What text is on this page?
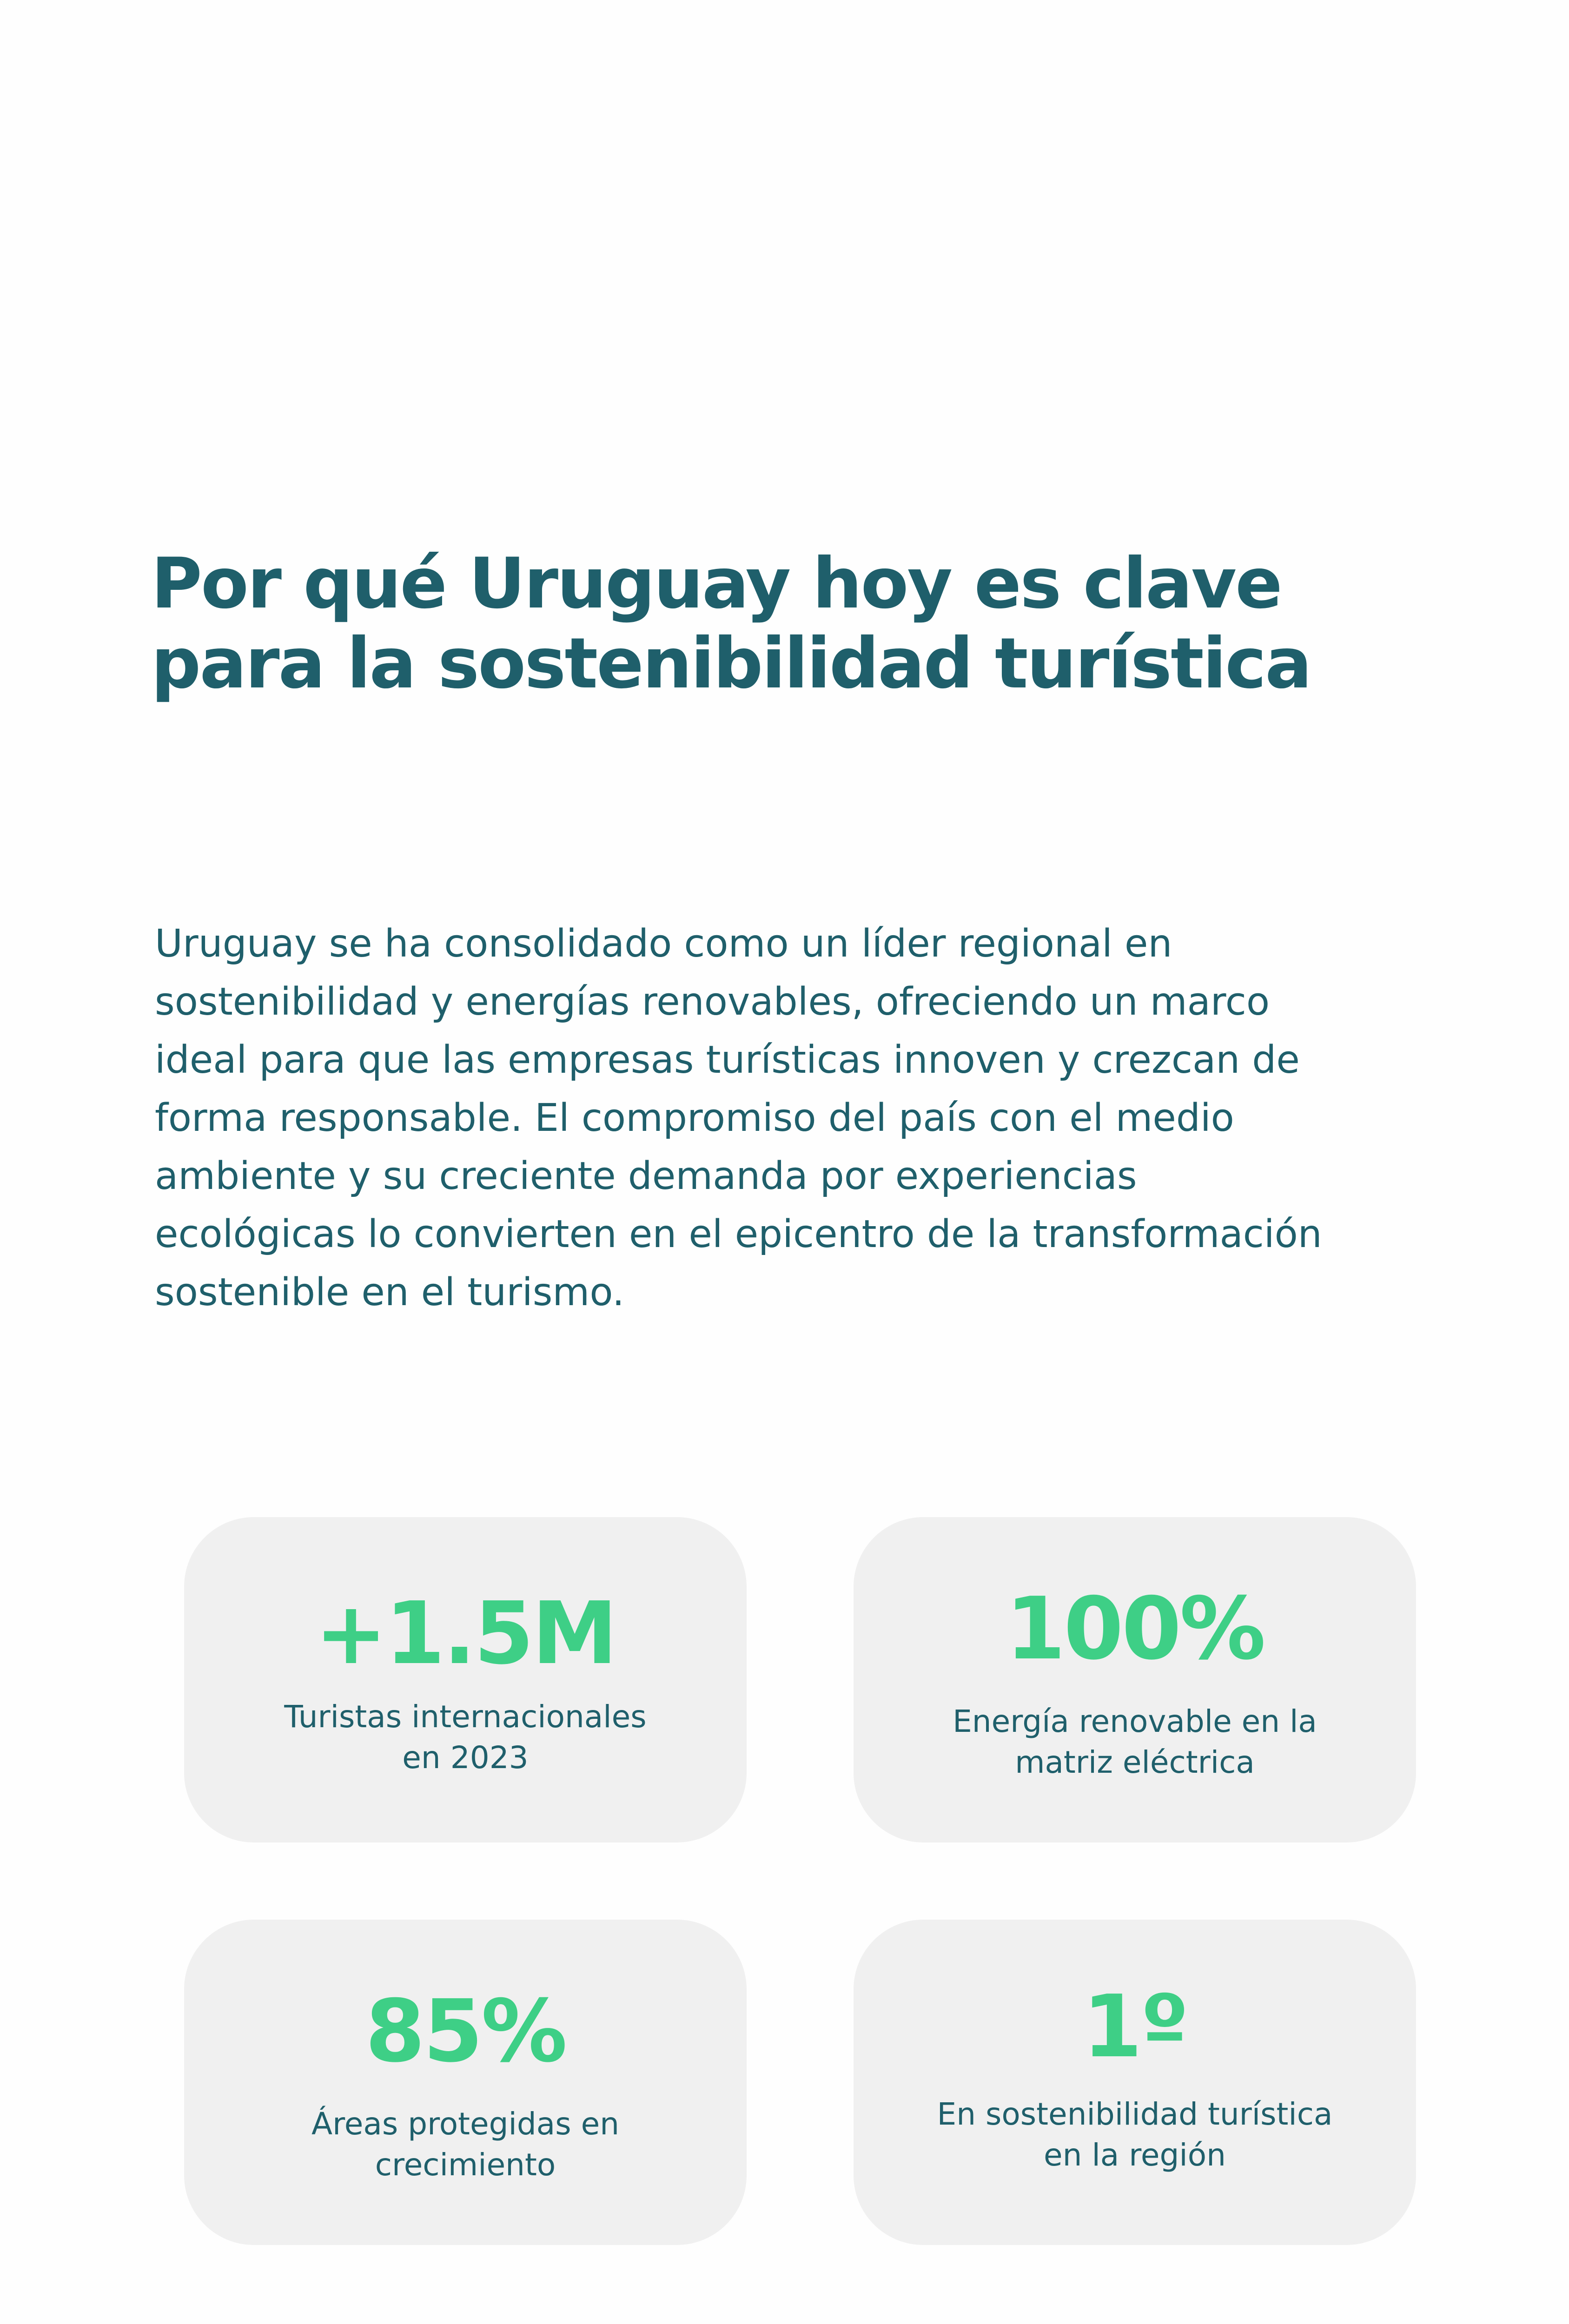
Por qué Uruguay hoy es clave
para la sostenibilidad turística

Uruguay se ha consolidado como un líder regional en
sostenibilidad y energías renovables, ofreciendo un marco
ideal para que las empresas turísticas innoven y crezcan de
forma responsable. El compromiso del país con el medio
ambiente y su creciente demanda por experiencias
ecológicas lo convierten en el epicentro de la transformación
sostenible en el turismo.

+1.5M
Turistas internacionales
en 2023
100%
Energía renovable en la
matriz eléctrica
85%
Áreas protegidas en
crecimiento
1º
En sostenibilidad turística
en la región
